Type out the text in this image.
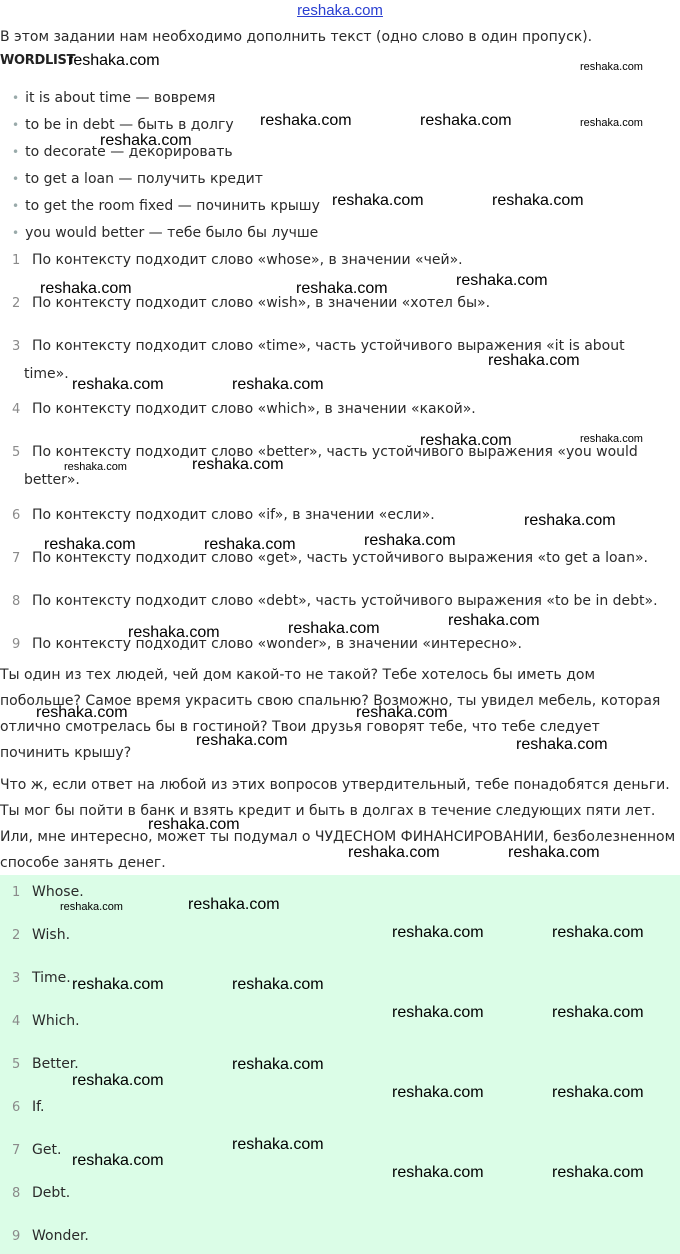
reshaka.com
В этом задании нам необходимо дополнить текст (одно слово в один пропуск).
WORDLIST
• it is about time — вовремя
• to be in debt — быть в долгу
• to decorate — декорировать
• to get a loan — получить кредит
• to get the room fixed — починить крышу
• you would better — тебе было бы лучше
1 По контексту подходит слово «whose», в значении «чей».
2 По контексту подходит слово «wish», в значении «хотел бы».
3 По контексту подходит слово «time», часть устойчивого выражения «it is about
time».
4 По контексту подходит слово «which», в значении «какой».
5 По контексту подходит слово «better», часть устойчивого выражения «you would
better».
6 По контексту подходит слово «if», в значении «если».
7 По контексту подходит слово «get», часть устойчивого выражения «to get a loan».
8 По контексту подходит слово «debt», часть устойчивого выражения «to be in debt».
9 По контексту подходит слово «wonder», в значении «интересно».
Ты один из тех людей, чей дом какой-то не такой? Тебе хотелось бы иметь дом
побольше? Самое время украсить свою спальню? Возможно, ты увидел мебель, которая
отлично смотрелась бы в гостиной? Твои друзья говорят тебе, что тебе следует
починить крышу?
Что ж, если ответ на любой из этих вопросов утвердительный, тебе понадобятся деньги.
Ты мог бы пойти в банк и взять кредит и быть в долгах в течение следующих пяти лет.
Или, мне интересно, может ты подумал о ЧУДЕСНОМ ФИНАНСИРОВАНИИ, безболезненном
способе занять денег.
1 Whose.
2 Wish.
3 Time.
4 Which.
5 Better.
6 If.
7 Get.
8 Debt.
9 Wonder.
reshaka.com	reshaka.com
reshaka.com	reshaka.com	reshaka.com
reshaka.com
reshaka.com	reshaka.com
reshaka.com
reshaka.com	reshaka.com
reshaka.com
reshaka.com	reshaka.com
reshaka.com	reshaka.com
reshaka.com	reshaka.com
reshaka.com
reshaka.com
reshaka.com	reshaka.com
reshaka.com
reshaka.com
reshaka.com
reshaka.com	reshaka.com
reshaka.com	reshaka.com
reshaka.com
reshaka.com	reshaka.com
reshaka.com	reshaka.com
reshaka.com	reshaka.com
reshaka.com	reshaka.com
reshaka.com	reshaka.com
reshaka.com
reshaka.com
reshaka.com	reshaka.com
reshaka.com
reshaka.com
reshaka.com	reshaka.com
